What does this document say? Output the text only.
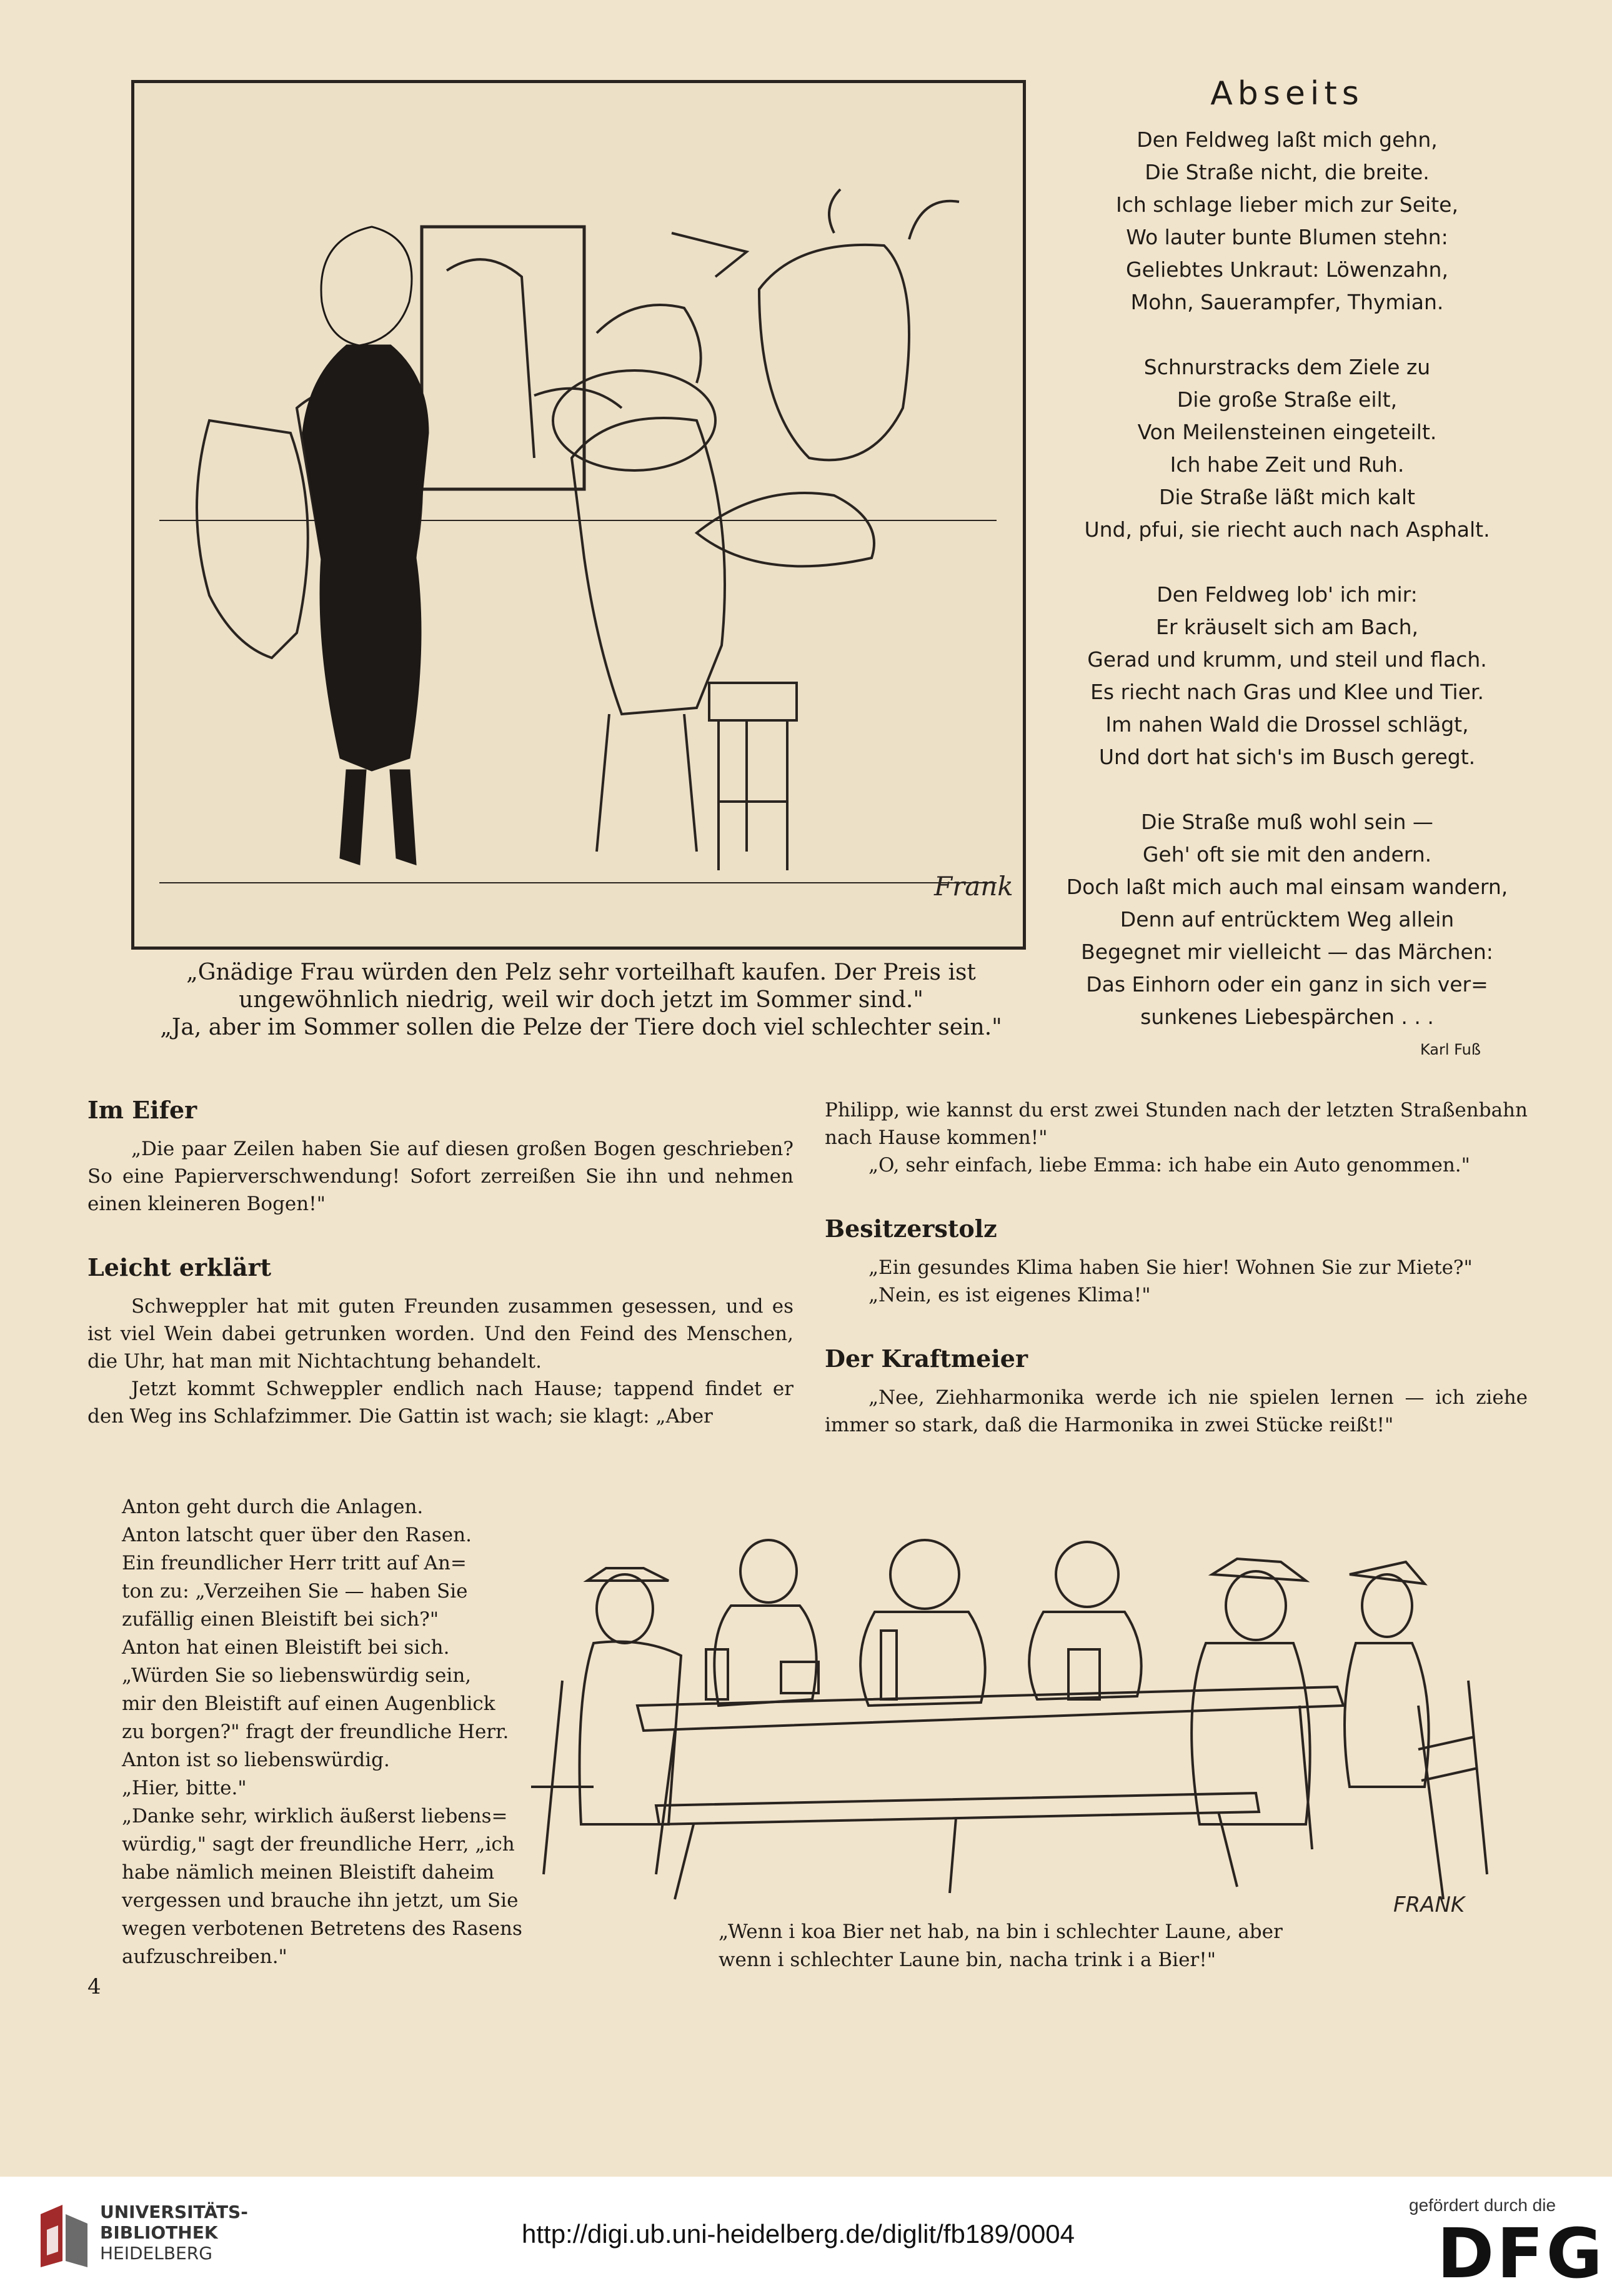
Frank
„Gnädige Frau würden den Pelz sehr vorteilhaft kaufen. Der Preis ist
ungewöhnlich niedrig, weil wir doch jetzt im Sommer sind."
„Ja, aber im Sommer sollen die Pelze der Tiere doch viel schlechter sein."
Abseits
Den Feldweg laßt mich gehn,
Die Straße nicht, die breite.
Ich schlage lieber mich zur Seite,
Wo lauter bunte Blumen stehn:
Geliebtes Unkraut: Löwenzahn,
Mohn, Sauerampfer, Thymian.
Schnurstracks dem Ziele zu
Die große Straße eilt,
Von Meilensteinen eingeteilt.
Ich habe Zeit und Ruh.
Die Straße läßt mich kalt
Und, pfui, sie riecht auch nach Asphalt.
Den Feldweg lob' ich mir:
Er kräuselt sich am Bach,
Gerad und krumm, und steil und flach.
Es riecht nach Gras und Klee und Tier.
Im nahen Wald die Drossel schlägt,
Und dort hat sich's im Busch geregt.
Die Straße muß wohl sein —
Geh' oft sie mit den andern.
Doch laßt mich auch mal einsam wandern,
Denn auf entrücktem Weg allein
Begegnet mir vielleicht — das Märchen:
Das Einhorn oder ein ganz in sich ver=
sunkenes Liebespärchen . . .
Karl Fuß
Im Eifer
„Die paar Zeilen haben Sie auf diesen großen Bogen geschrieben? So eine Papierverschwendung! Sofort zerreißen Sie ihn und nehmen einen kleineren Bogen!"
Leicht erklärt
Schweppler hat mit guten Freunden zusammen gesessen, und es ist viel Wein dabei getrunken worden. Und den Feind des Menschen, die Uhr, hat man mit Nichtachtung behandelt.
Jetzt kommt Schweppler endlich nach Hause; tappend findet er den Weg ins Schlafzimmer. Die Gattin ist wach; sie klagt: „Aber
Philipp, wie kannst du erst zwei Stunden nach der letzten Straßenbahn nach Hause kommen!"
„O, sehr einfach, liebe Emma: ich habe ein Auto genommen."
Besitzerstolz
„Ein gesundes Klima haben Sie hier! Wohnen Sie zur Miete?"
„Nein, es ist eigenes Klima!"
Der Kraftmeier
„Nee, Ziehharmonika werde ich nie spielen lernen — ich ziehe immer so stark, daß die Harmonika in zwei Stücke reißt!"
Anton geht durch die Anlagen.
Anton latscht quer über den Rasen.
Ein freundlicher Herr tritt auf An=
ton zu: „Verzeihen Sie — haben Sie
zufällig einen Bleistift bei sich?"
Anton hat einen Bleistift bei sich.
„Würden Sie so liebenswürdig sein,
mir den Bleistift auf einen Augenblick
zu borgen?" fragt der freundliche Herr.
Anton ist so liebenswürdig.
„Hier, bitte."
„Danke sehr, wirklich äußerst liebens=
würdig," sagt der freundliche Herr, „ich
habe nämlich meinen Bleistift daheim
vergessen und brauche ihn jetzt, um Sie
wegen verbotenen Betretens des Rasens
aufzuschreiben."
FRANK
„Wenn i koa Bier net hab, na bin i schlechter Laune, aber
wenn i schlechter Laune bin, nacha trink i a Bier!"
4
UNIVERSITÄTS-
BIBLIOTHEK
HEIDELBERG
http://digi.ub.uni-heidelberg.de/diglit/fb189/0004
gefördert durch die
DFG
